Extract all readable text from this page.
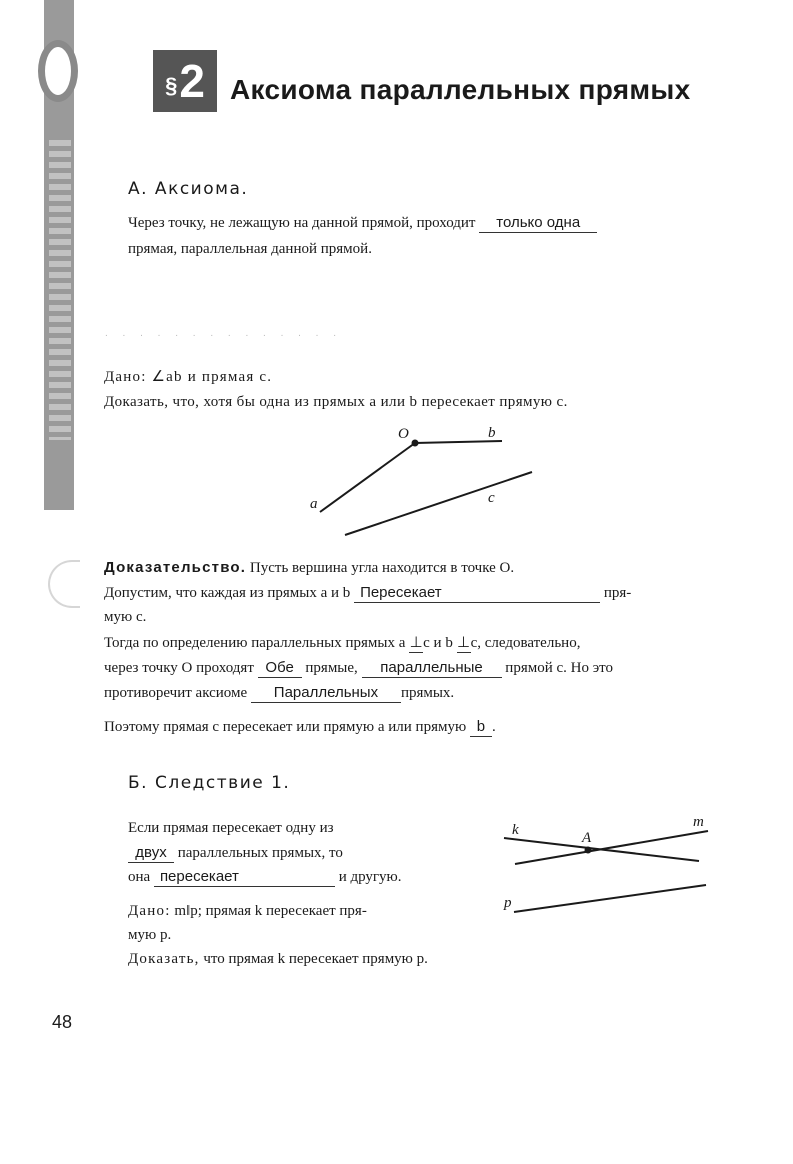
§ 2 Аксиома параллельных прямых
А. Аксиома.
Через точку, не лежащую на данной прямой, проходит только одна
прямая, параллельная данной прямой.
. . . . . . . . . . . . . .
Дано: ∠ab и прямая c.
Доказать, что, хотя бы одна из прямых a или b пересекает прямую c.
O	b
a	c
Доказательство. Пусть вершина угла находится в точке O.
Допустим, что каждая из прямых a и b Пересекает	пря-
мую c.
Тогда по определению параллельных прямых a ⊥c и b ⊥c, следовательно,
через точку O проходят Обе прямые, параллельные прямой c. Но это
противоречит аксиоме Параллельных прямых.
Поэтому прямая c пересекает или прямую a или прямую b .
Б. Следствие 1.
Если прямая пересекает одну из
двух параллельных прямых, то
она пересекает	и другую.
Дано: m‖p; прямая k пересекает пря-
мую p.
Доказать, что прямая k пересекает прямую p.
k	A
m
p
48
